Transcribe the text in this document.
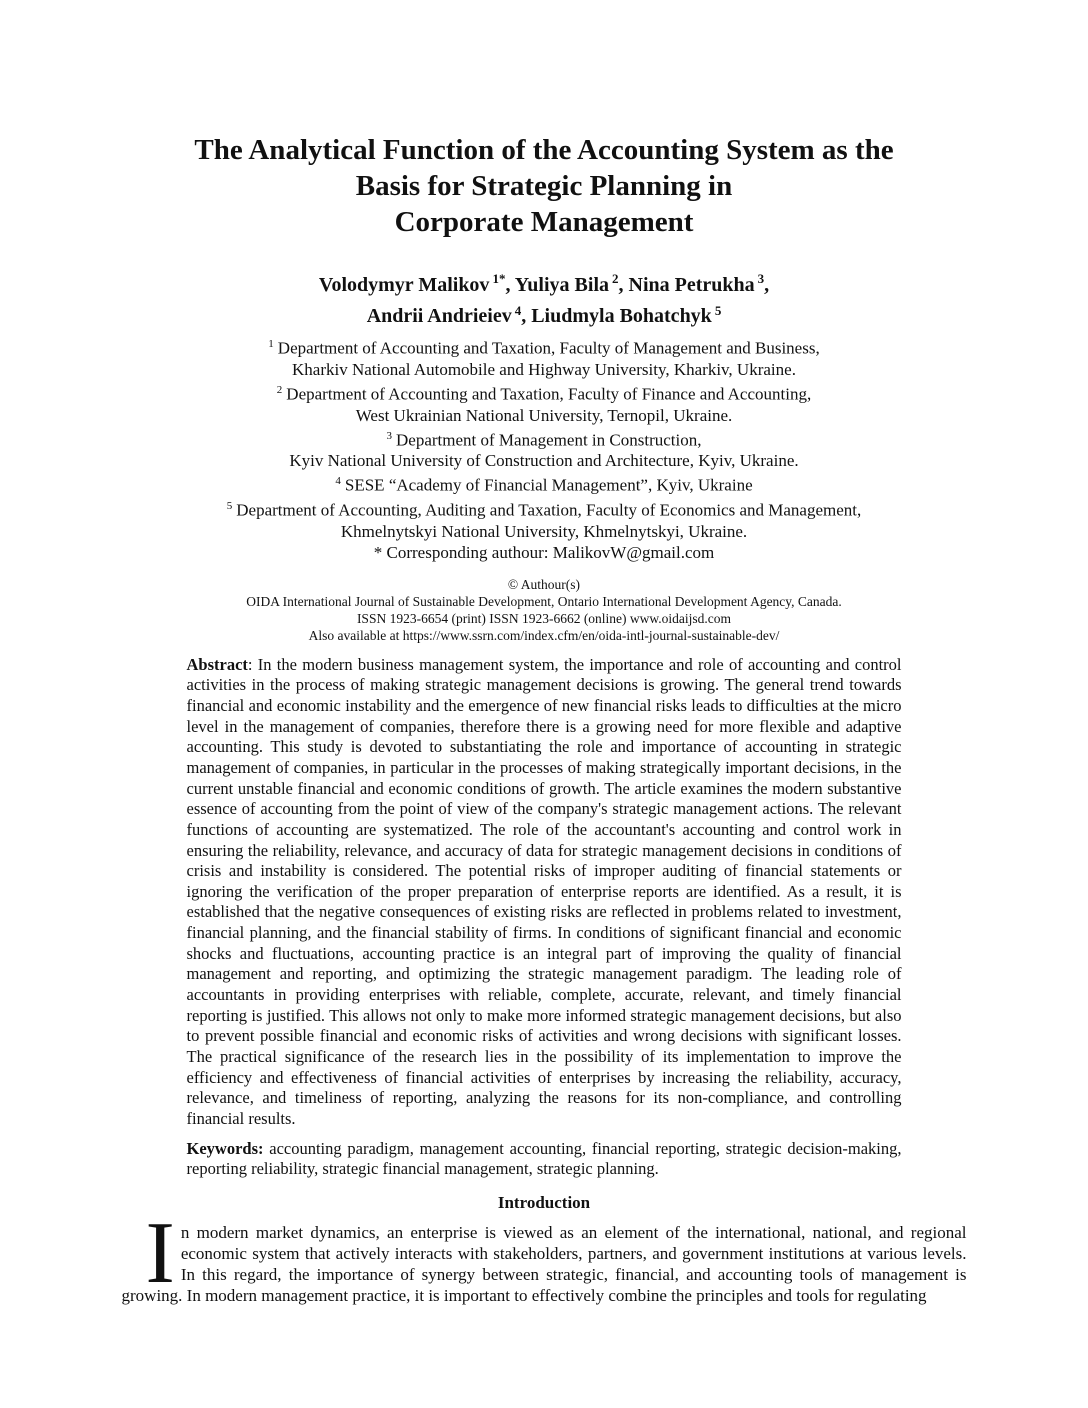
The Analytical Function of the Accounting System as the
Basis for Strategic Planning in
Corporate Management
Volodymyr Malikov $^{1*}$, Yuliya Bila $^2$, Nina Petrukha $^3$,
Andrii Andrieiev $^4$, Liudmyla Bohatchyk $^5$
$^1$ Department of Accounting and Taxation, Faculty of Management and Business,
Kharkiv National Automobile and Highway University, Kharkiv, Ukraine.
$^2$ Department of Accounting and Taxation, Faculty of Finance and Accounting,
West Ukrainian National University, Ternopil, Ukraine.
$^3$ Department of Management in Construction,
Kyiv National University of Construction and Architecture, Kyiv, Ukraine.
$^4$ SESE “Academy of Financial Management”, Kyiv, Ukraine
$^5$ Department of Accounting, Auditing and Taxation, Faculty of Economics and Management,
Khmelnytskyi National University, Khmelnytskyi, Ukraine.
* Corresponding authour: MalikovW@gmail.com
© Authour(s)
OIDA International Journal of Sustainable Development, Ontario International Development Agency, Canada.
ISSN 1923-6654 (print) ISSN 1923-6662 (online) www.oidaijsd.com
Also available at https://www.ssrn.com/index.cfm/en/oida-intl-journal-sustainable-dev/

Abstract: In the modern business management system, the importance and role of accounting and control activities in the process of making strategic management decisions is growing. The general trend towards financial and economic instability and the emergence of new financial risks leads to difficulties at the micro level in the management of companies, therefore there is a growing need for more flexible and adaptive accounting. This study is devoted to substantiating the role and importance of accounting in strategic management of companies, in particular in the processes of making strategically important decisions, in the current unstable financial and economic conditions of growth. The article examines the modern substantive essence of accounting from the point of view of the company's strategic management actions. The relevant functions of accounting are systematized. The role of the accountant's accounting and control work in ensuring the reliability, relevance, and accuracy of data for strategic management decisions in conditions of crisis and instability is considered. The potential risks of improper auditing of financial statements or ignoring the verification of the proper preparation of enterprise reports are identified. As a result, it is established that the negative consequences of existing risks are reflected in problems related to investment, financial planning, and the financial stability of firms. In conditions of significant financial and economic shocks and fluctuations, accounting practice is an integral part of improving the quality of financial management and reporting, and optimizing the strategic management paradigm. The leading role of accountants in providing enterprises with reliable, complete, accurate, relevant, and timely financial reporting is justified. This allows not only to make more informed strategic management decisions, but also to prevent possible financial and economic risks of activities and wrong decisions with significant losses. The practical significance of the research lies in the possibility of its implementation to improve the efficiency and effectiveness of financial activities of enterprises by increasing the reliability, accuracy, relevance, and timeliness of reporting, analyzing the reasons for its non-compliance, and controlling financial results.

Keywords: accounting paradigm, management accounting, financial reporting, strategic decision-making, reporting reliability, strategic financial management, strategic planning.

Introduction

In modern market dynamics, an enterprise is viewed as an element of the international, national, and regional economic system that actively interacts with stakeholders, partners, and government institutions at various levels. In this regard, the importance of synergy between strategic, financial, and accounting tools of management is growing. In modern management practice, it is important to effectively combine the principles and tools for regulating
